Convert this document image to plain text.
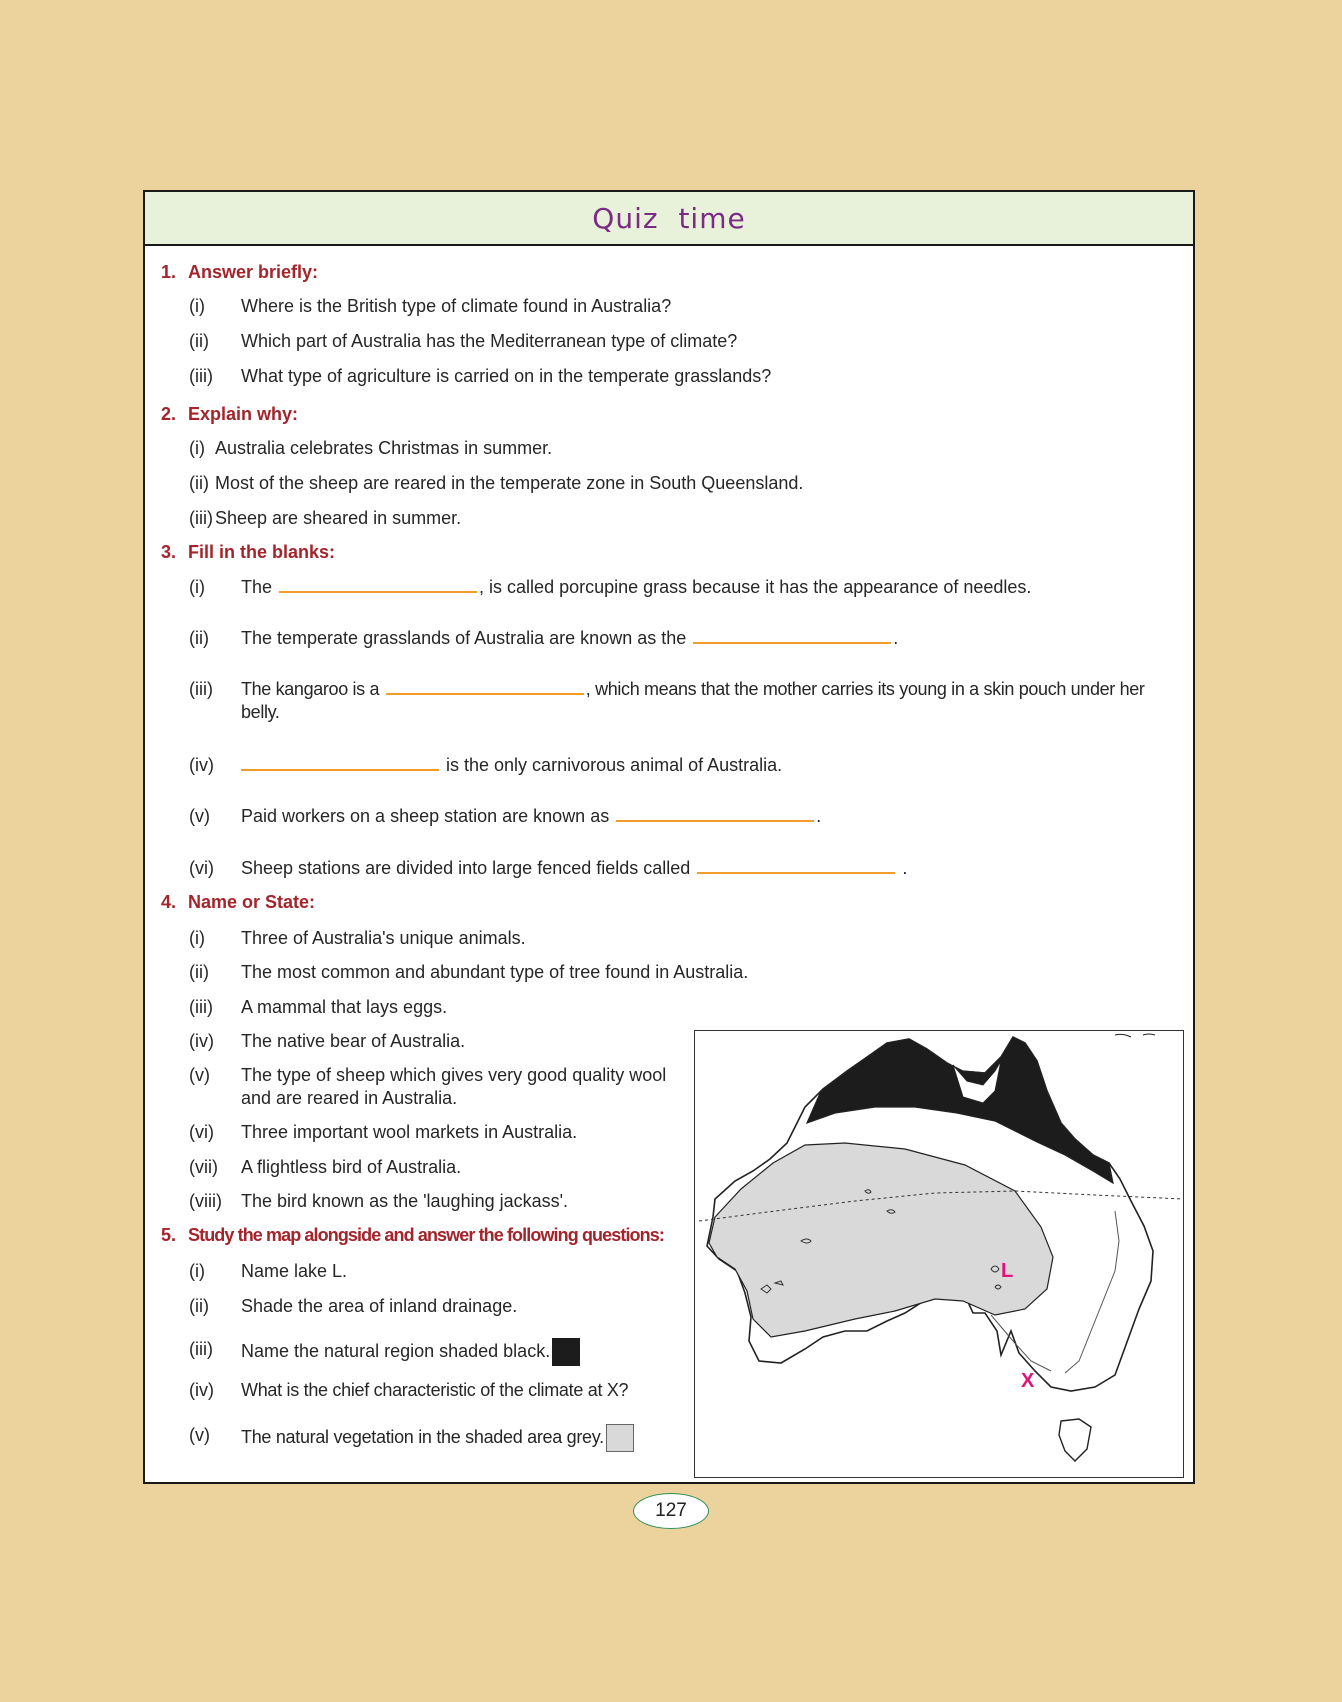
Quiz time
1. Answer briefly:
(i) Where is the British type of climate found in Australia?
(ii) Which part of Australia has the Mediterranean type of climate?
(iii) What type of agriculture is carried on in the temperate grasslands?
2. Explain why:
(i) Australia celebrates Christmas in summer.
(ii) Most of the sheep are reared in the temperate zone in South Queensland.
(iii) Sheep are sheared in summer.
3. Fill in the blanks:
(i) The	, is called porcupine grass because it has the appearance of needles.
(ii) The temperate grasslands of Australia are known as the	.
(iii) The kangaroo is a	, which means that the mother carries its young in a skin pouch under her belly.
(iv)	is the only carnivorous animal of Australia.
(v) Paid workers on a sheep station are known as	.
(vi) Sheep stations are divided into large fenced fields called	.
4. Name or State:
(i) Three of Australia's unique animals.
(ii) The most common and abundant type of tree found in Australia.
(iii) A mammal that lays eggs.
(iv) The native bear of Australia.
(v) The type of sheep which gives very good quality wool and are reared in Australia.
(vi) Three important wool markets in Australia.
(vii) A flightless bird of Australia.
(viii) The bird known as the 'laughing jackass'.
5. Study the map alongside and answer the following questions:
(i) Name lake L.
(ii) Shade the area of inland drainage.
(iii) Name the natural region shaded black.
(iv) What is the chief characteristic of the climate at X?
(v) The natural vegetation in the shaded area grey.
L
X
127
